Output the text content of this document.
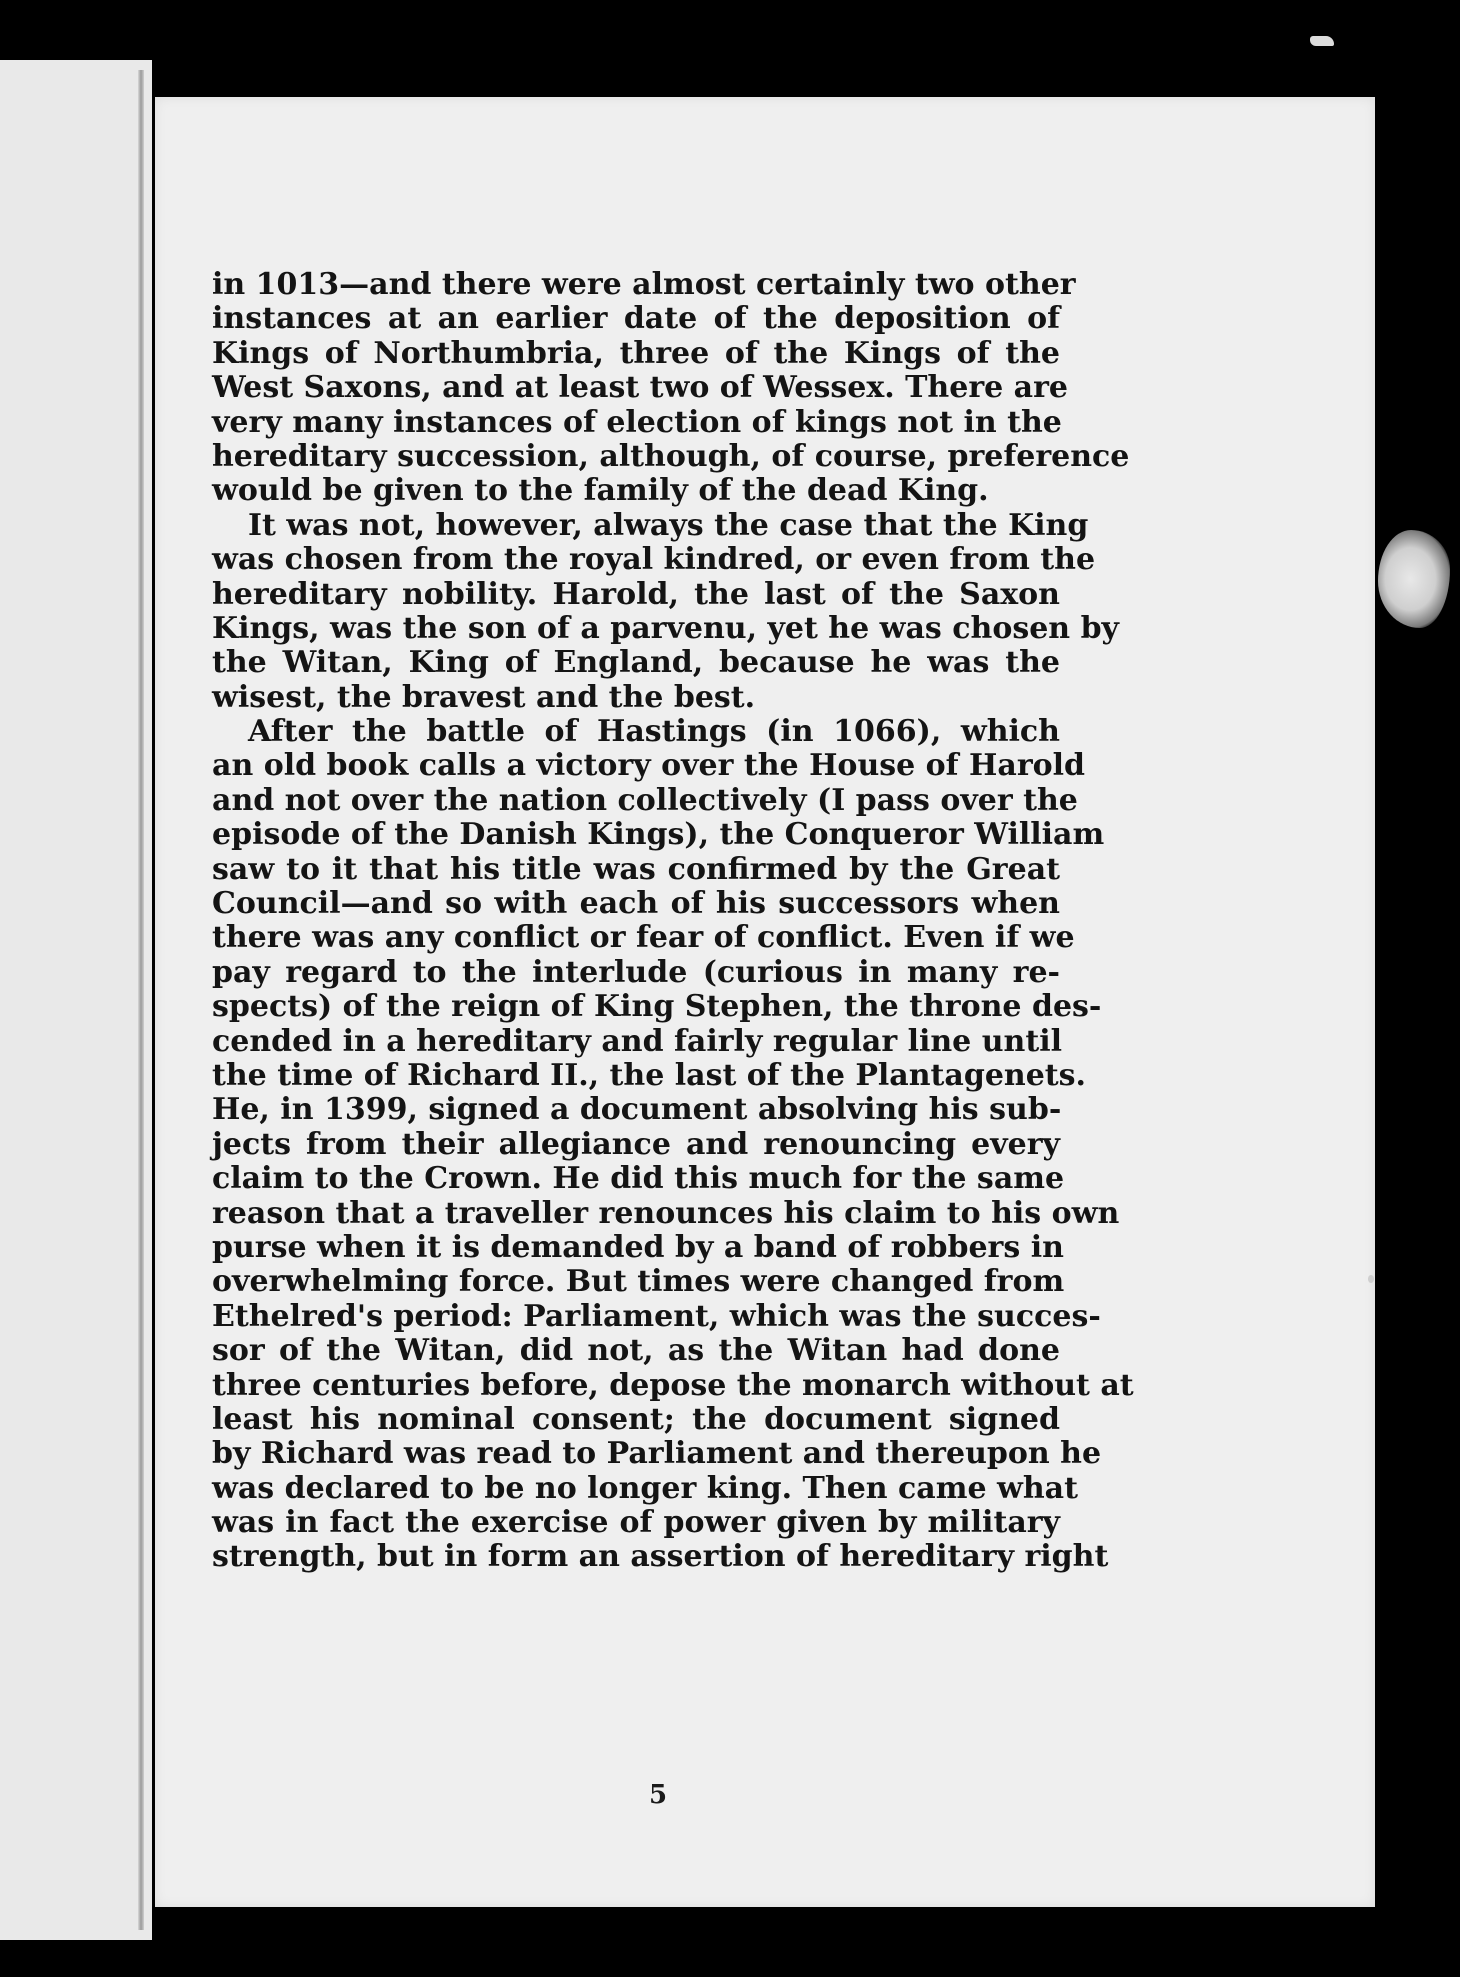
in 1013—and there were almost certainly two other
instances at an earlier date of the deposition of
Kings of Northumbria, three of the Kings of the
West Saxons, and at least two of Wessex. There are
very many instances of election of kings not in the
hereditary succession, although, of course, preference
would be given to the family of the dead King.
It was not, however, always the case that the King
was chosen from the royal kindred, or even from the
hereditary nobility. Harold, the last of the Saxon
Kings, was the son of a parvenu, yet he was chosen by
the Witan, King of England, because he was the
wisest, the bravest and the best.
After the battle of Hastings (in 1066), which
an old book calls a victory over the House of Harold
and not over the nation collectively (I pass over the
episode of the Danish Kings), the Conqueror William
saw to it that his title was confirmed by the Great
Council—and so with each of his successors when
there was any conflict or fear of conflict. Even if we
pay regard to the interlude (curious in many re-
spects) of the reign of King Stephen, the throne des-
cended in a hereditary and fairly regular line until
the time of Richard II., the last of the Plantagenets.
He, in 1399, signed a document absolving his sub-
jects from their allegiance and renouncing every
claim to the Crown. He did this much for the same
reason that a traveller renounces his claim to his own
purse when it is demanded by a band of robbers in
overwhelming force. But times were changed from
Ethelred's period: Parliament, which was the succes-
sor of the Witan, did not, as the Witan had done
three centuries before, depose the monarch without at
least his nominal consent; the document signed
by Richard was read to Parliament and thereupon he
was declared to be no longer king. Then came what
was in fact the exercise of power given by military
strength, but in form an assertion of hereditary right
5
